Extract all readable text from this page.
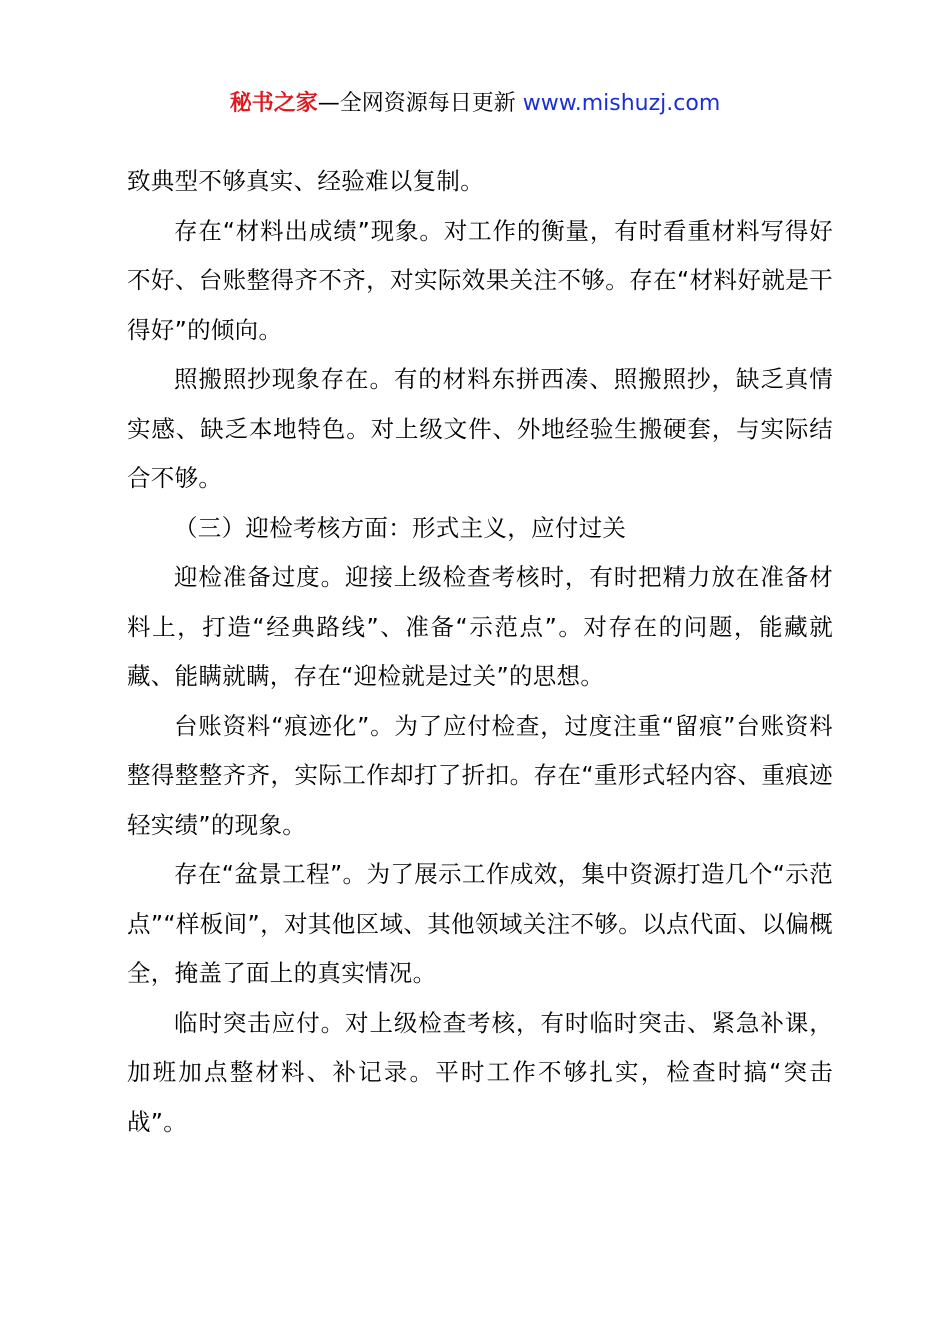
秘书之家—全网资源每日更新 www.mishuzj.com

致典型不够真实、经验难以复制。

存在“材料出成绩”现象。对工作的衡量，有时看重材料写得好不好、台账整得齐不齐，对实际效果关注不够。存在“材料好就是干得好”的倾向。

照搬照抄现象存在。有的材料东拼西凑、照搬照抄，缺乏真情实感、缺乏本地特色。对上级文件、外地经验生搬硬套，与实际结合不够。

（三）迎检考核方面：形式主义，应付过关

迎检准备过度。迎接上级检查考核时，有时把精力放在准备材料上，打造“经典路线”、准备“示范点”。对存在的问题，能藏就藏、能瞒就瞒，存在“迎检就是过关”的思想。

台账资料“痕迹化”。为了应付检查，过度注重“留痕”台账资料整得整整齐齐，实际工作却打了折扣。存在“重形式轻内容、重痕迹轻实绩”的现象。

存在“盆景工程”。为了展示工作成效，集中资源打造几个“示范点”“样板间”，对其他区域、其他领域关注不够。以点代面、以偏概全，掩盖了面上的真实情况。

临时突击应付。对上级检查考核，有时临时突击、紧急补课，加班加点整材料、补记录。平时工作不够扎实，检查时搞“突击战”。
